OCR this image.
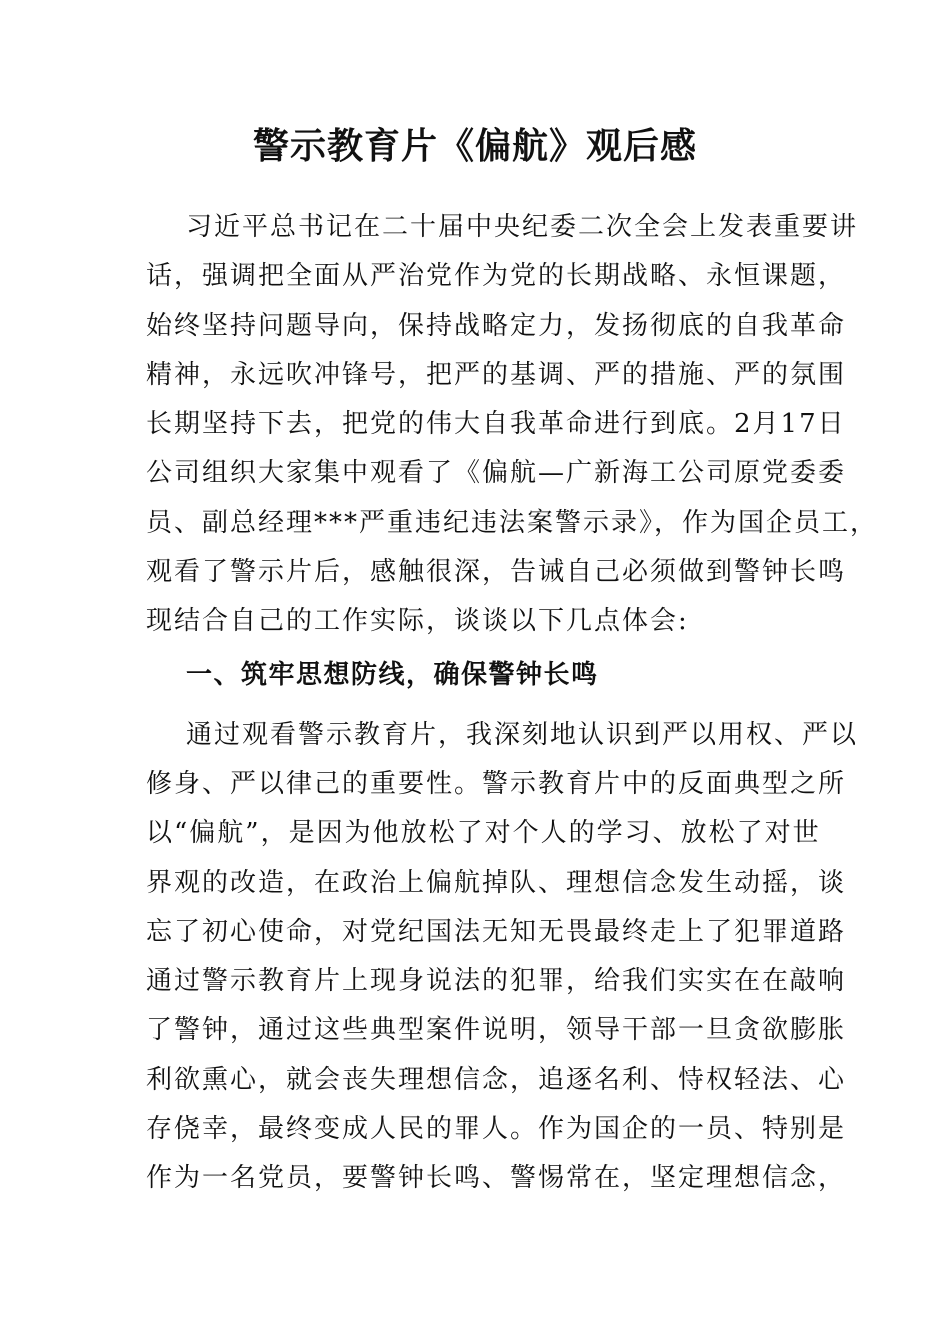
警示教育片《偏航》观后感
习近平总书记在二十届中央纪委二次全会上发表重要讲
话，强调把全面从严治党作为党的长期战略、永恒课题，
始终坚持问题导向，保持战略定力，发扬彻底的自我革命
精神，永远吹冲锋号，把严的基调、严的措施、严的氛围
长期坚持下去，把党的伟大自我革命进行到底。2月17日
公司组织大家集中观看了《偏航—广新海工公司原党委委
员、副总经理***严重违纪违法案警示录》，作为国企员工，
观看了警示片后，感触很深，告诫自己必须做到警钟长鸣
现结合自己的工作实际，谈谈以下几点体会:
一、筑牢思想防线，确保警钟长鸣
通过观看警示教育片，我深刻地认识到严以用权、严以
修身、严以律己的重要性。警示教育片中的反面典型之所
以“偏航”，是因为他放松了对个人的学习、放松了对世
界观的改造，在政治上偏航掉队、理想信念发生动摇，谈
忘了初心使命，对党纪国法无知无畏最终走上了犯罪道路
通过警示教育片上现身说法的犯罪，给我们实实在在敲响
了警钟，通过这些典型案件说明，领导干部一旦贪欲膨胀
利欲熏心，就会丧失理想信念，追逐名利、恃权轻法、心
存侥幸，最终变成人民的罪人。作为国企的一员、特别是
作为一名党员，要警钟长鸣、警惕常在，坚定理想信念，
